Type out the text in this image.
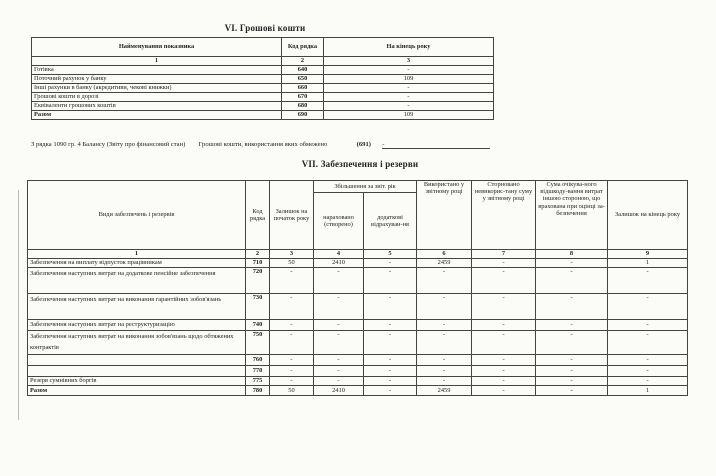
VI. Грошові кошти
Найменування показника	Код рядка	На кінець року
1	2	3
Готівка	640	-
Поточний рахунок у банку	650	109
Інші рахунки в банку (акредитиви, чекові книжки)	660	-
Грошові кошти в дорозі	670	-
Еквіваленти грошових коштів	680	-
Разом	690	109
З рядка 1090 гр. 4 Балансу (Звіту про фінансовий стан) Грошові кошти, використання яких обмежено	(691) -
VII. Забезпечення і резерви
Види забезпечень і резервів	Код рядка	Залишок на початок року	Збільшення за звіт. рік		Використано у звітному році	Сторновано невикорис-тану суму у звітному році	Сума очікува-ного відшкоду-вання витрат іншою стороною, що врахована при оцінці за-безпечення	Залишок на кінець року
			нараховано (створено)	додаткові відрахуван-ня				
1	2	3	4	5	6	7	8	9
Забезпечення на виплату відпусток працівникам	710	50	2410	-	2459	-	-	1
Забезпечення наступних витрат на додаткове пенсійне забезпечення	720	-	-	-	-	-	-	-
Забезпечення наступних витрат на виконання гарантійних зобов'язань	730	-	-	-	-	-	-	-
Забезпечення наступних витрат на реструктуризацію	740	-	-	-	-	-	-	-
Забезпечення наступних витрат на виконання зобов'язань щодо обтяжених контрактів	750	-	-	-	-	-	-	-
	760	-	-	-	-	-	-	-
	770	-	-	-	-	-	-	-
Резерв сумнівних боргів	775	-	-	-	-	-	-	-
Разом	780	50	2410	-	2459	-	-	1
